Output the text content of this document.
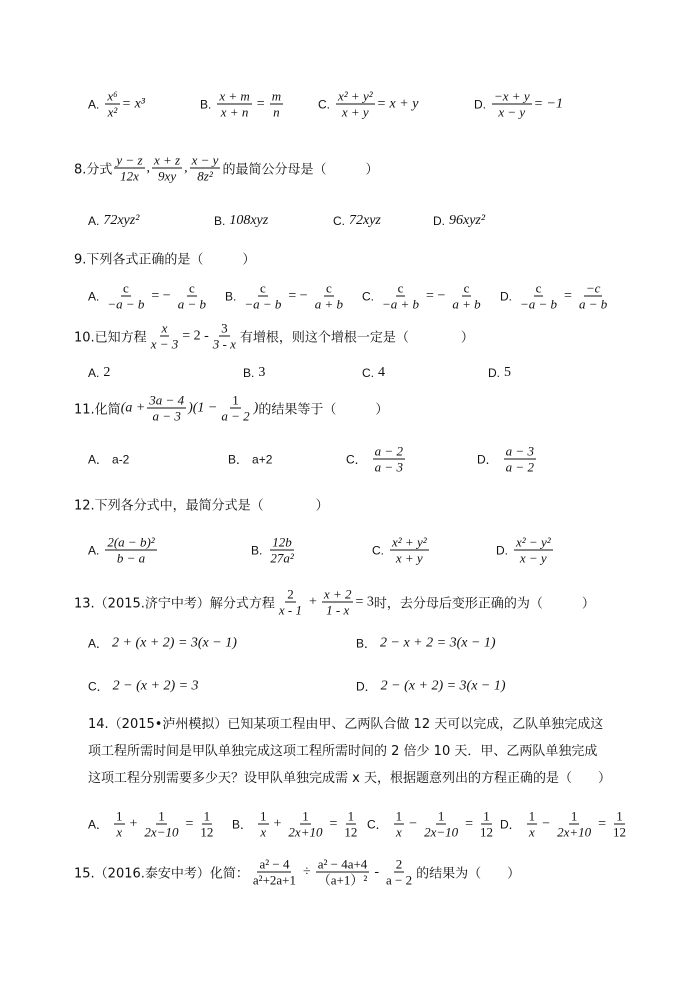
A. $\frac{\text{x⁶}}{\text{x²}} = x^3$	B. $\frac{x + m}{x + n} = \frac{m}{n}$	C. $\frac{\text{x² + y²}}{x + y} = x + y$	D. $\frac{-x + y}{x - y} = -1$
8.分式 $\frac{y - z}{12x}$ , $\frac{x + z}{9xy}$ , $\frac{x - y}{\text{8z²}}$ 的最简公分母是（　　　）
A. 72xyz²	B. 108xyz	C. 72xyz	D. 96xyz²
9.下列各式正确的是（　　　）
A. $\frac{c}{-a - b}$ = − $\frac{c}{a - b} B$. $\frac{c}{-a - b}$ = − $\frac{c}{a + b} C$. $\frac{c}{-a + b}$ = − $\frac{c}{a + b} D$. $\frac{c}{-a - b} = \frac{-c}{a - b}$
10.已知方程 $\frac{x}{x - 3} = 2 - \frac{3}{3 - x}$ 有增根，则这个增根一定是（　　　　）
A. 2	B. 3	C. 4	D. 5
11.化简 $(a + \frac{3a - 4}{a - 3} )(1 - \frac{1}{a - 2}$ ) 的结果等于（　　　）
A． a-2	B． a+2	C． $\frac{a - 2}{a - 3}$	D． $\frac{a - 3}{a - 2}$
12.下列各分式中，最简分式是（　　　　）
A. $\frac{\text{2(a − b)²}}{b - a}$	B. $\frac{12b}{\text{27a²}}$	C. $\frac{\text{x² + y²}}{x + y}$	D. $\frac{\text{x² − y²}}{x - y}$
13.（2015.济宁中考）解分式方程 $\frac{2}{x - 1} + \frac{x + 2}{1 - x} = 3$ 时，去分母后变形正确的为（　　　）
A． 2 + (x + 2) = 3(x − 1)	B． 2 − x + 2 = 3(x − 1)
C． 2 − (x + 2) = 3	D． 2 − (x + 2) = 3(x − 1)
14.（2015•泸州模拟）已知某项工程由甲、乙两队合做 12 天可以完成，乙队单独完成这
项工程所需时间是甲队单独完成这项工程所需时间的 2 倍少 10 天．甲、乙两队单独完成
这项工程分别需要多少天？设甲队单独完成需 x 天，根据题意列出的方程正确的是（　　）
A． $\frac{1}{x} + \frac{1}{2x-10} = \frac{1}{12}$ B． $\frac{1}{x} + \frac{1}{2x+10} = \frac{1}{12}$ C． $\frac{1}{x} - \frac{1}{2x-10} = \frac{1}{12}$ D． $\frac{1}{x} - \frac{1}{2x+10} = \frac{1}{12}$
15.（2016.泰安中考）化简： $\frac{\text{a² − 4}}{\text{a²+2a+1}} \div \frac{\text{a² − 4a+4}}{\text{（a+1）²}} - \frac{2}{a - 2}$ 的结果为（　　）
